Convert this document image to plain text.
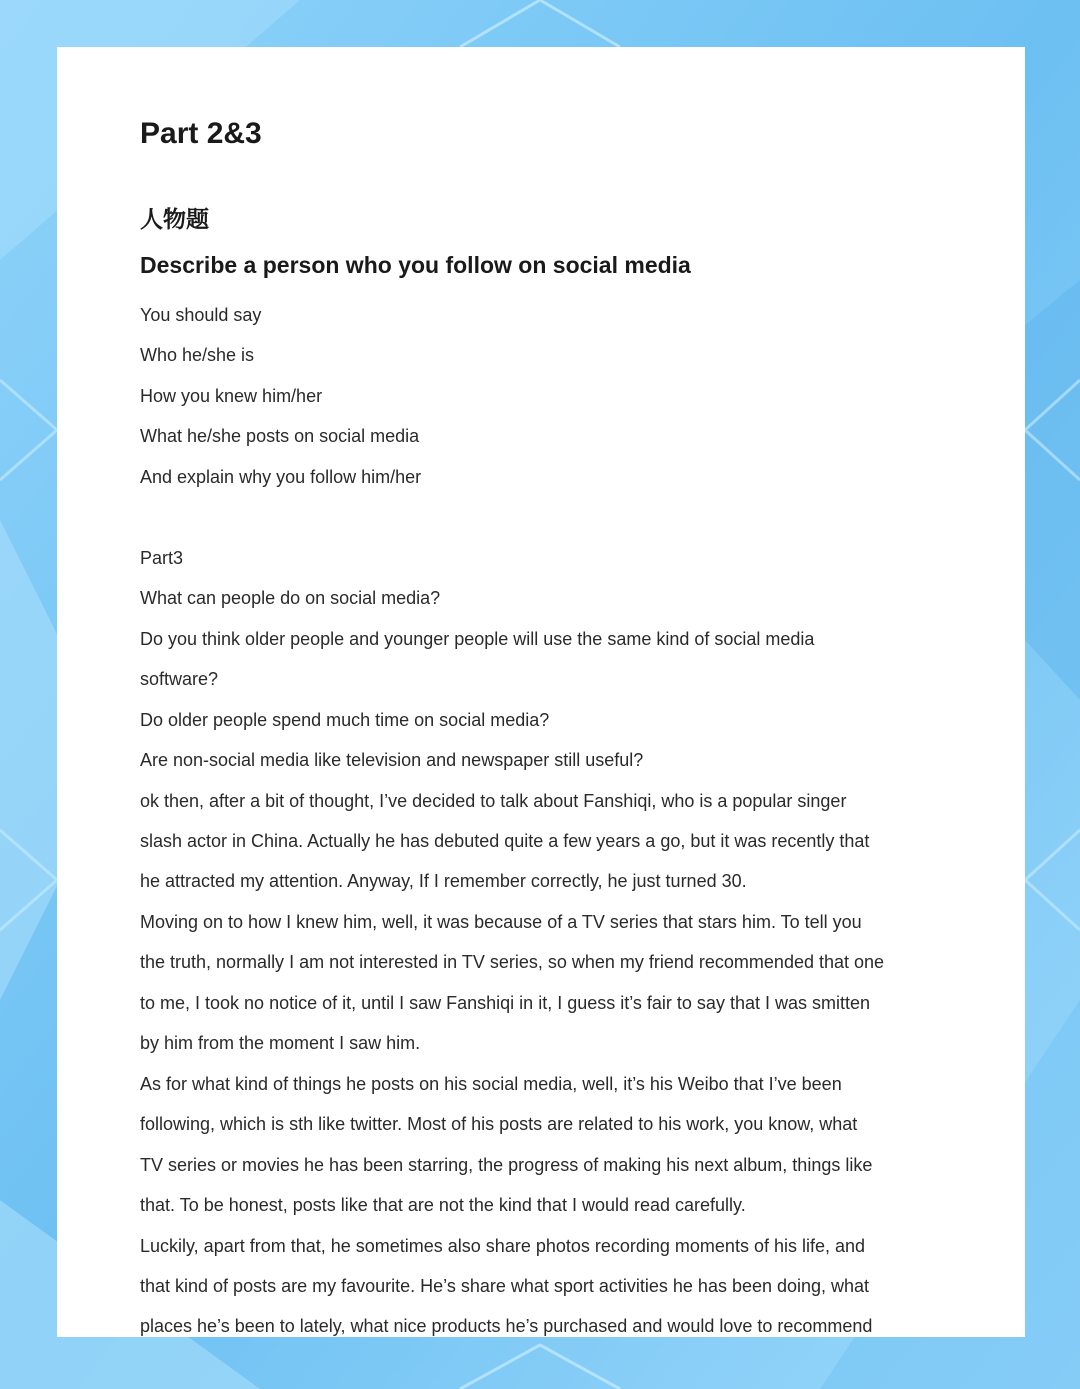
Part 2&3
人物题
Describe a person who you follow on social media
You should say
Who he/she is
How you knew him/her
What he/she posts on social media
And explain why you follow him/her
Part3
What can people do on social media?
Do you think older people and younger people will use the same kind of social media
software?
Do older people spend much time on social media?
Are non-social media like television and newspaper still useful?
ok then, after a bit of thought, I’ve decided to talk about Fanshiqi, who is a popular singer
slash actor in China. Actually he has debuted quite a few years a go, but it was recently that
he attracted my attention. Anyway, If I remember correctly, he just turned 30.
Moving on to how I knew him, well, it was because of a TV series that stars him. To tell you
the truth, normally I am not interested in TV series, so when my friend recommended that one
to me, I took no notice of it, until I saw Fanshiqi in it, I guess it’s fair to say that I was smitten
by him from the moment I saw him.
As for what kind of things he posts on his social media, well, it’s his Weibo that I’ve been
following, which is sth like twitter. Most of his posts are related to his work, you know, what
TV series or movies he has been starring, the progress of making his next album, things like
that. To be honest, posts like that are not the kind that I would read carefully.
Luckily, apart from that, he sometimes also share photos recording moments of his life, and
that kind of posts are my favourite. He’s share what sport activities he has been doing, what
places he’s been to lately, what nice products he’s purchased and would love to recommend
